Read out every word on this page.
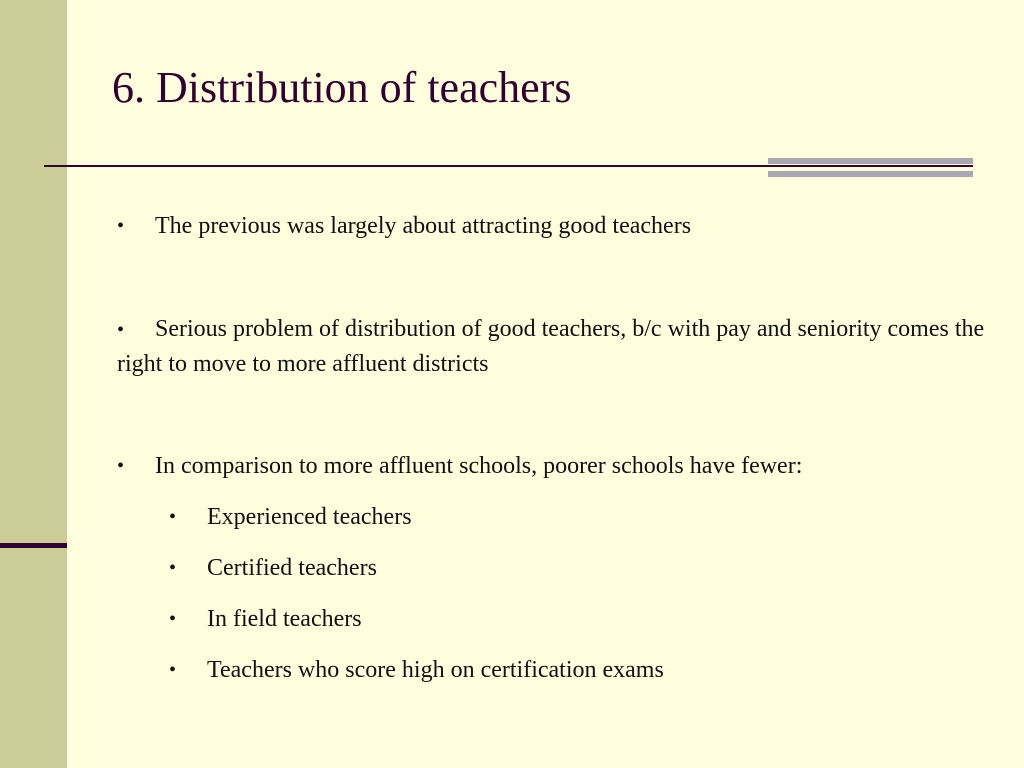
6. Distribution of teachers
•	The previous was largely about attracting good teachers
• Serious problem of distribution of good teachers, b/c with pay and seniority comes the right to move to more affluent districts
•	In comparison to more affluent schools, poorer schools have fewer:
•	Experienced teachers
•	Certified teachers
•	In field teachers
•	Teachers who score high on certification exams
